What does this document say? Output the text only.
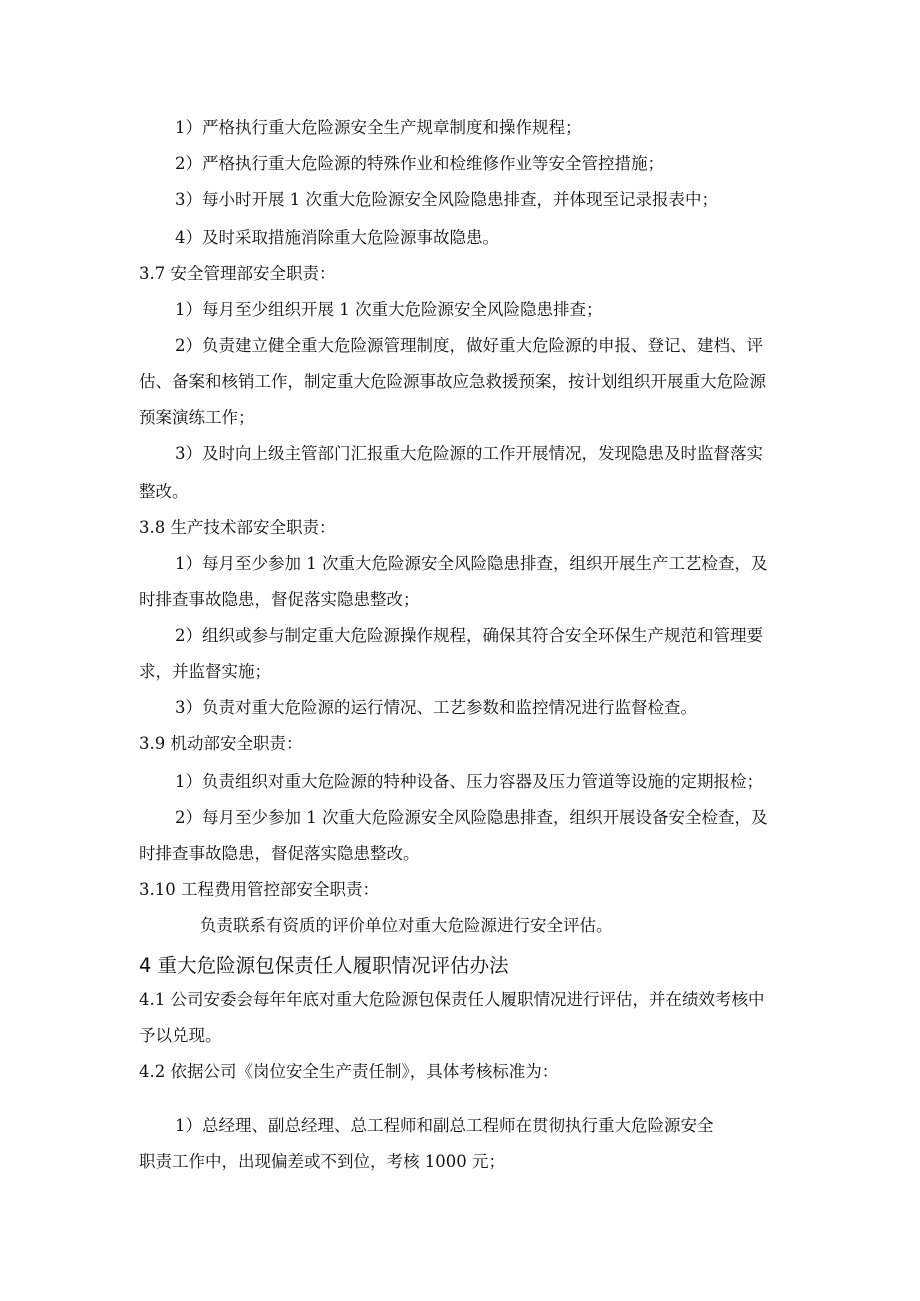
1）严格执行重大危险源安全生产规章制度和操作规程；
2）严格执行重大危险源的特殊作业和检维修作业等安全管控措施；
3）每小时开展 1 次重大危险源安全风险隐患排查，并体现至记录报表中；
4）及时采取措施消除重大危险源事故隐患。
3.7 安全管理部安全职责：
1）每月至少组织开展 1 次重大危险源安全风险隐患排查；
2）负责建立健全重大危险源管理制度，做好重大危险源的申报、登记、建档、评
估、备案和核销工作，制定重大危险源事故应急救援预案，按计划组织开展重大危险源
预案演练工作；
3）及时向上级主管部门汇报重大危险源的工作开展情况，发现隐患及时监督落实
整改。
3.8 生产技术部安全职责：
1）每月至少参加 1 次重大危险源安全风险隐患排查，组织开展生产工艺检查，及
时排查事故隐患，督促落实隐患整改；
2）组织或参与制定重大危险源操作规程，确保其符合安全环保生产规范和管理要
求，并监督实施；
3）负责对重大危险源的运行情况、工艺参数和监控情况进行监督检查。
3.9 机动部安全职责：
1）负责组织对重大危险源的特种设备、压力容器及压力管道等设施的定期报检；
2）每月至少参加 1 次重大危险源安全风险隐患排查，组织开展设备安全检查，及
时排查事故隐患，督促落实隐患整改。
3.10 工程费用管控部安全职责：
负责联系有资质的评价单位对重大危险源进行安全评估。
4 重大危险源包保责任人履职情况评估办法
4.1 公司安委会每年年底对重大危险源包保责任人履职情况进行评估，并在绩效考核中
予以兑现。
4.2 依据公司《岗位安全生产责任制》，具体考核标准为：
1）总经理、副总经理、总工程师和副总工程师在贯彻执行重大危险源安全
职责工作中，出现偏差或不到位，考核 1000 元；
